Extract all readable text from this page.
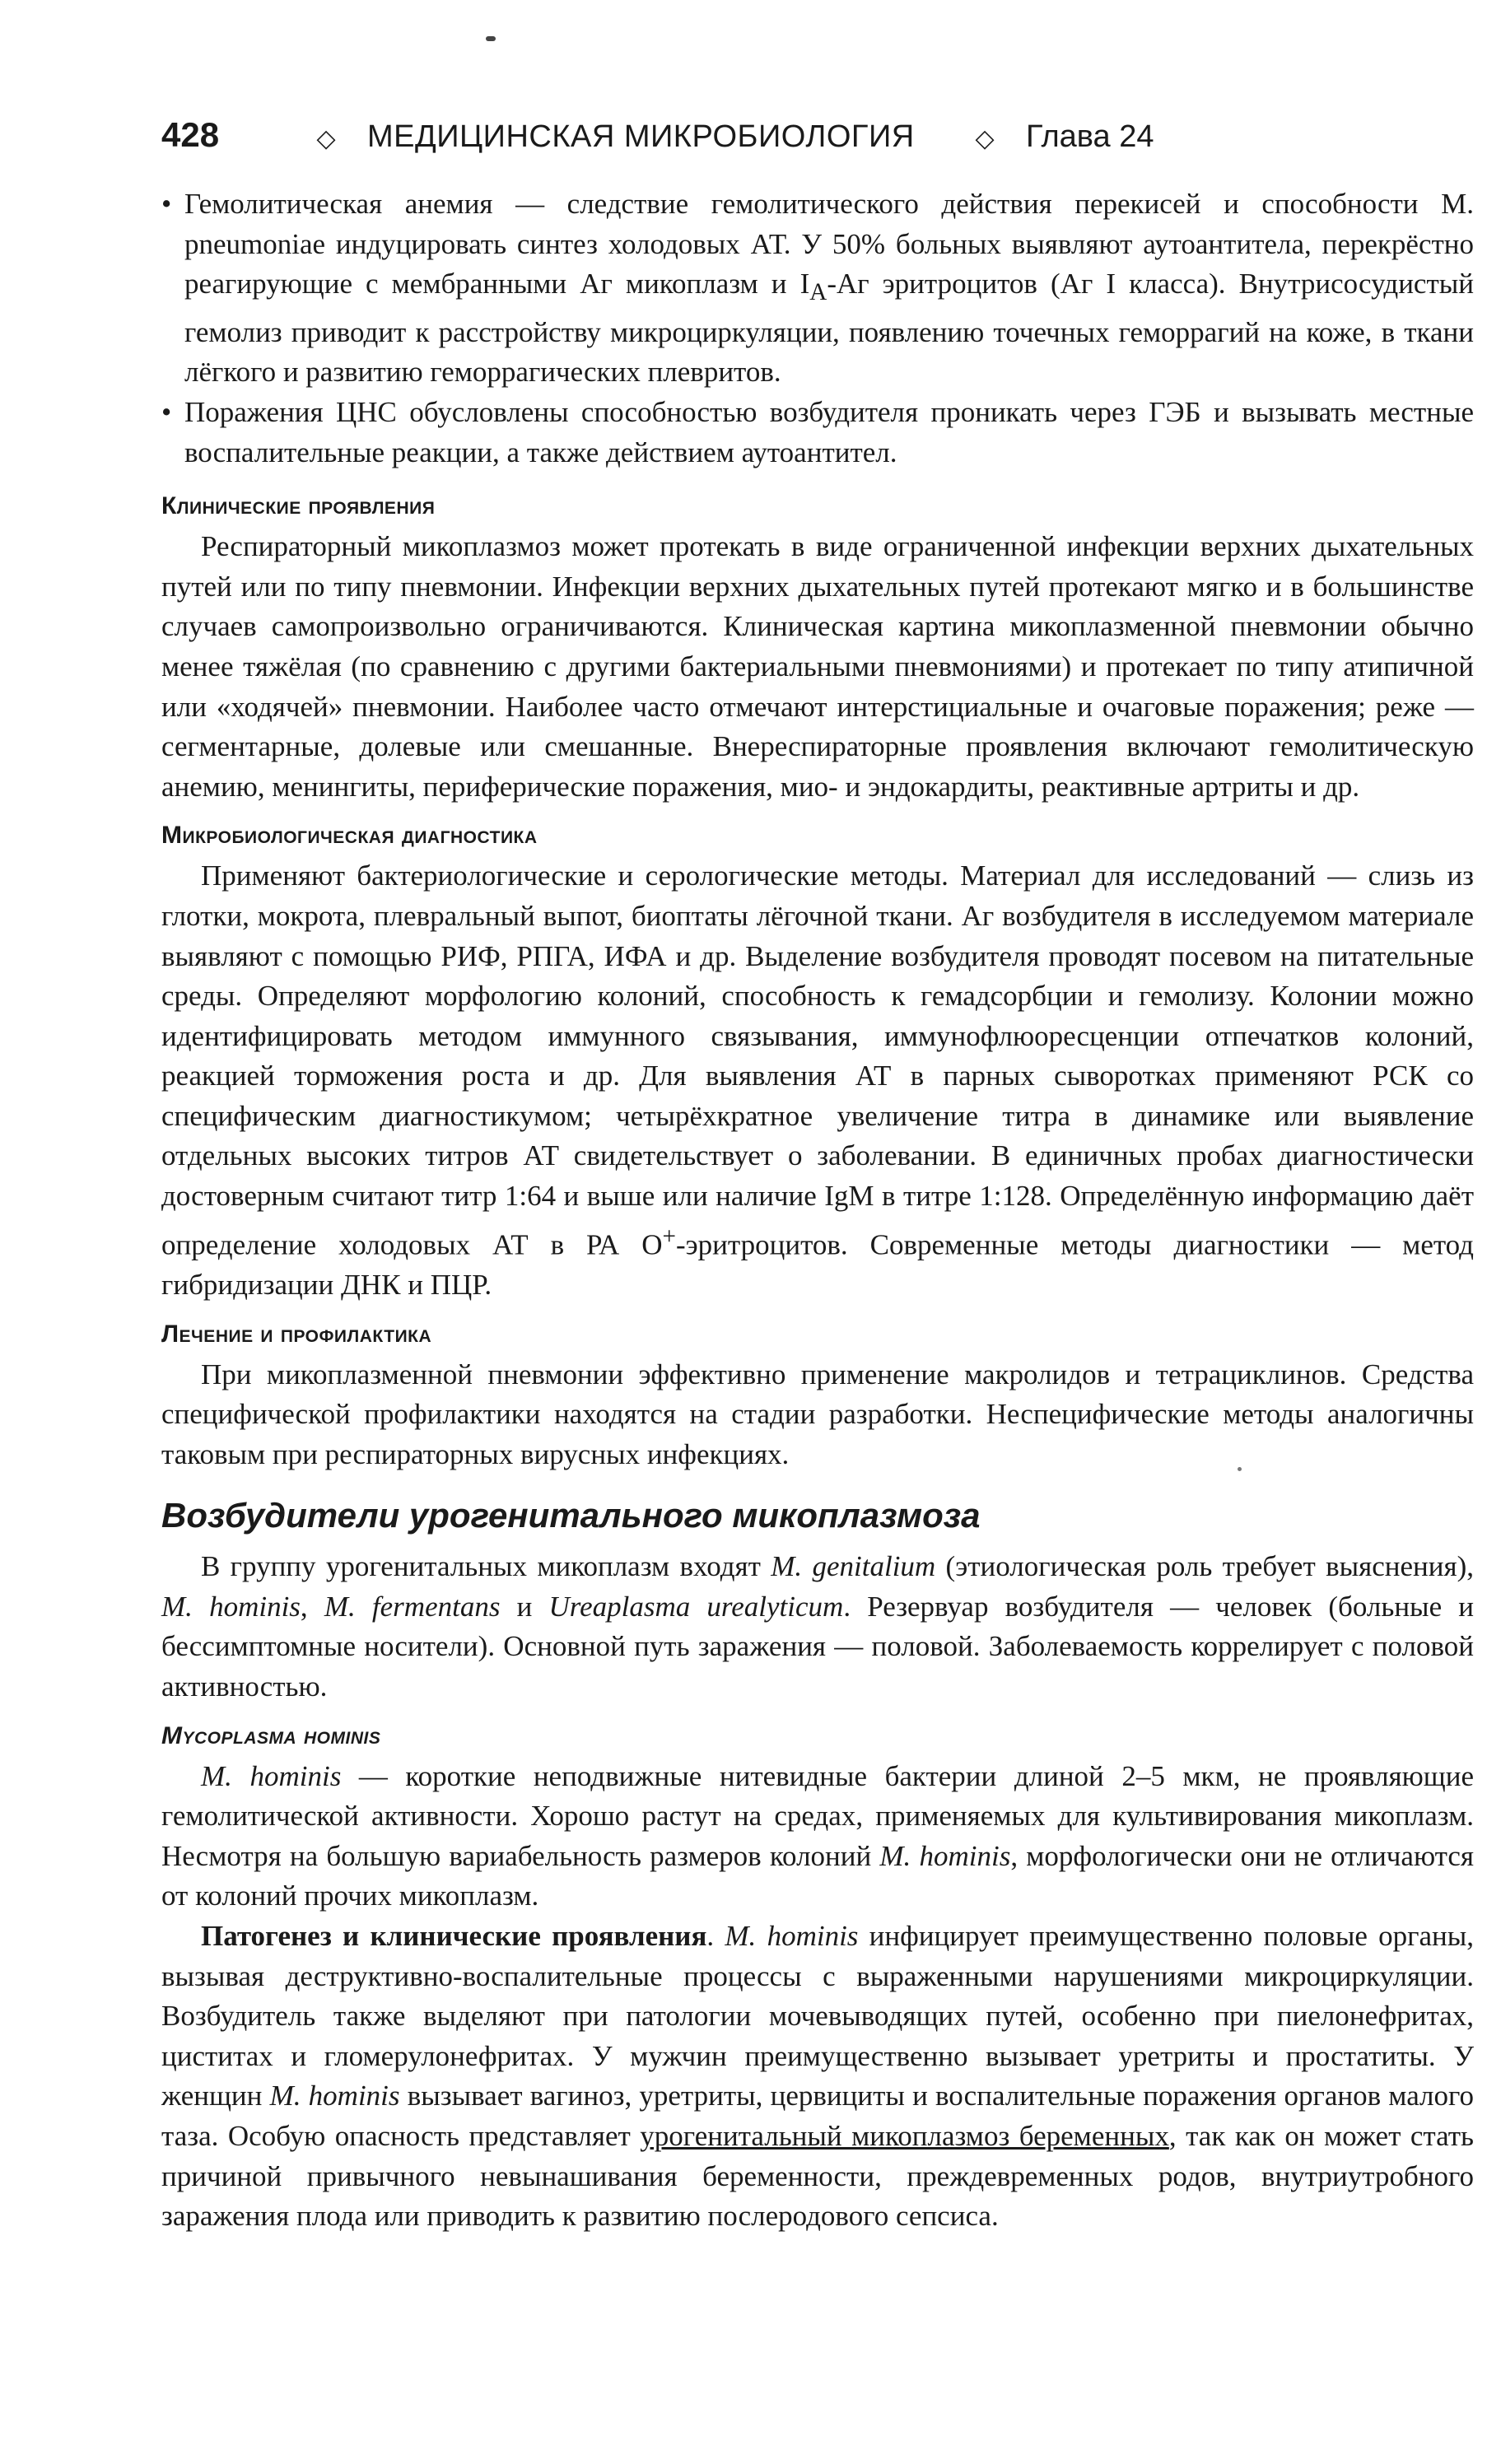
428	◇	МЕДИЦИНСКАЯ МИКРОБИОЛОГИЯ	◇	Глава 24
• Гемолитическая анемия — следствие гемолитического действия перекисей и способности M. pneumoniae индуцировать синтез холодовых АТ. У 50% больных выявляют аутоантитела, перекрёстно реагирующие с мембранными Аг микоплазм и $I_A-Аг$ эритроцитов (Аг I класса). Внутрисосудистый гемолиз приводит к расстройству микроциркуляции, появлению точечных геморрагий на коже, в ткани лёгкого и развитию геморрагических плевритов.
• Поражения ЦНС обусловлены способностью возбудителя проникать через ГЭБ и вызывать местные воспалительные реакции, а также действием аутоантител.
Клинические проявления

Респираторный микоплазмоз может протекать в виде ограниченной инфекции верхних дыхательных путей или по типу пневмонии. Инфекции верхних дыхательных путей протекают мягко и в большинстве случаев самопроизвольно ограничиваются. Клиническая картина микоплазменной пневмонии обычно менее тяжёлая (по сравнению с другими бактериальными пневмониями) и протекает по типу атипичной или «ходячей» пневмонии. Наиболее часто отмечают интерстициальные и очаговые поражения; реже — сегментарные, долевые или смешанные. Внереспираторные проявления включают гемолитическую анемию, менингиты, периферические поражения, мио- и эндокардиты, реактивные артриты и др.

Микробиологическая диагностика

Применяют бактериологические и серологические методы. Материал для исследований — слизь из глотки, мокрота, плевральный выпот, биоптаты лёгочной ткани. Аг возбудителя в исследуемом материале выявляют с помощью РИФ, РПГА, ИФА и др. Выделение возбудителя проводят посевом на питательные среды. Определяют морфологию колоний, способность к гемадсорбции и гемолизу. Колонии можно идентифицировать методом иммунного связывания, иммунофлюоресценции отпечатков колоний, реакцией торможения роста и др. Для выявления АТ в парных сыворотках применяют РСК со специфическим диагностикумом; четырёхкратное увеличение титра в динамике или выявление отдельных высоких титров АТ свидетельствует о заболевании. В единичных пробах диагностически достоверным считают титр 1:64 и выше или наличие IgM в титре 1:128. Определённую информацию даёт определение холодовых АТ в РА О+-эритроцитов. Современные методы диагностики — метод гибридизации ДНК и ПЦР.

Лечение и профилактика

При микоплазменной пневмонии эффективно применение макролидов и тетрациклинов. Средства специфической профилактики находятся на стадии разработки. Неспецифические методы аналогичны таковым при респираторных вирусных инфекциях.

Возбудители урогенитального микоплазмоза

В группу урогенитальных микоплазм входят M. genitalium (этиологическая роль требует выяснения), M. hominis, M. fermentans и Ureaplasma urealyticum. Резервуар возбудителя — человек (больные и бессимптомные носители). Основной путь заражения — половой. Заболеваемость коррелирует с половой активностью.

Mycoplasma hominis

M. hominis — короткие неподвижные нитевидные бактерии длиной 2–5 мкм, не проявляющие гемолитической активности. Хорошо растут на средах, применяемых для культивирования микоплазм. Несмотря на большую вариабельность размеров колоний M. hominis, морфологически они не отличаются от колоний прочих микоплазм.

Патогенез и клинические проявления. M. hominis инфицирует преимущественно половые органы, вызывая деструктивно-воспалительные процессы с выраженными нарушениями микроциркуляции. Возбудитель также выделяют при патологии мочевыводящих путей, особенно при пиелонефритах, циститах и гломерулонефритах. У мужчин преимущественно вызывает уретриты и простатиты. У женщин M. hominis вызывает вагиноз, уретриты, цервициты и воспалительные поражения органов малого таза. Особую опасность представляет урогенитальный микоплазмоз беременных, так как он может стать причиной привычного невынашивания беременности, преждевременных родов, внутриутробного заражения плода или приводить к развитию послеродового сепсиса.
